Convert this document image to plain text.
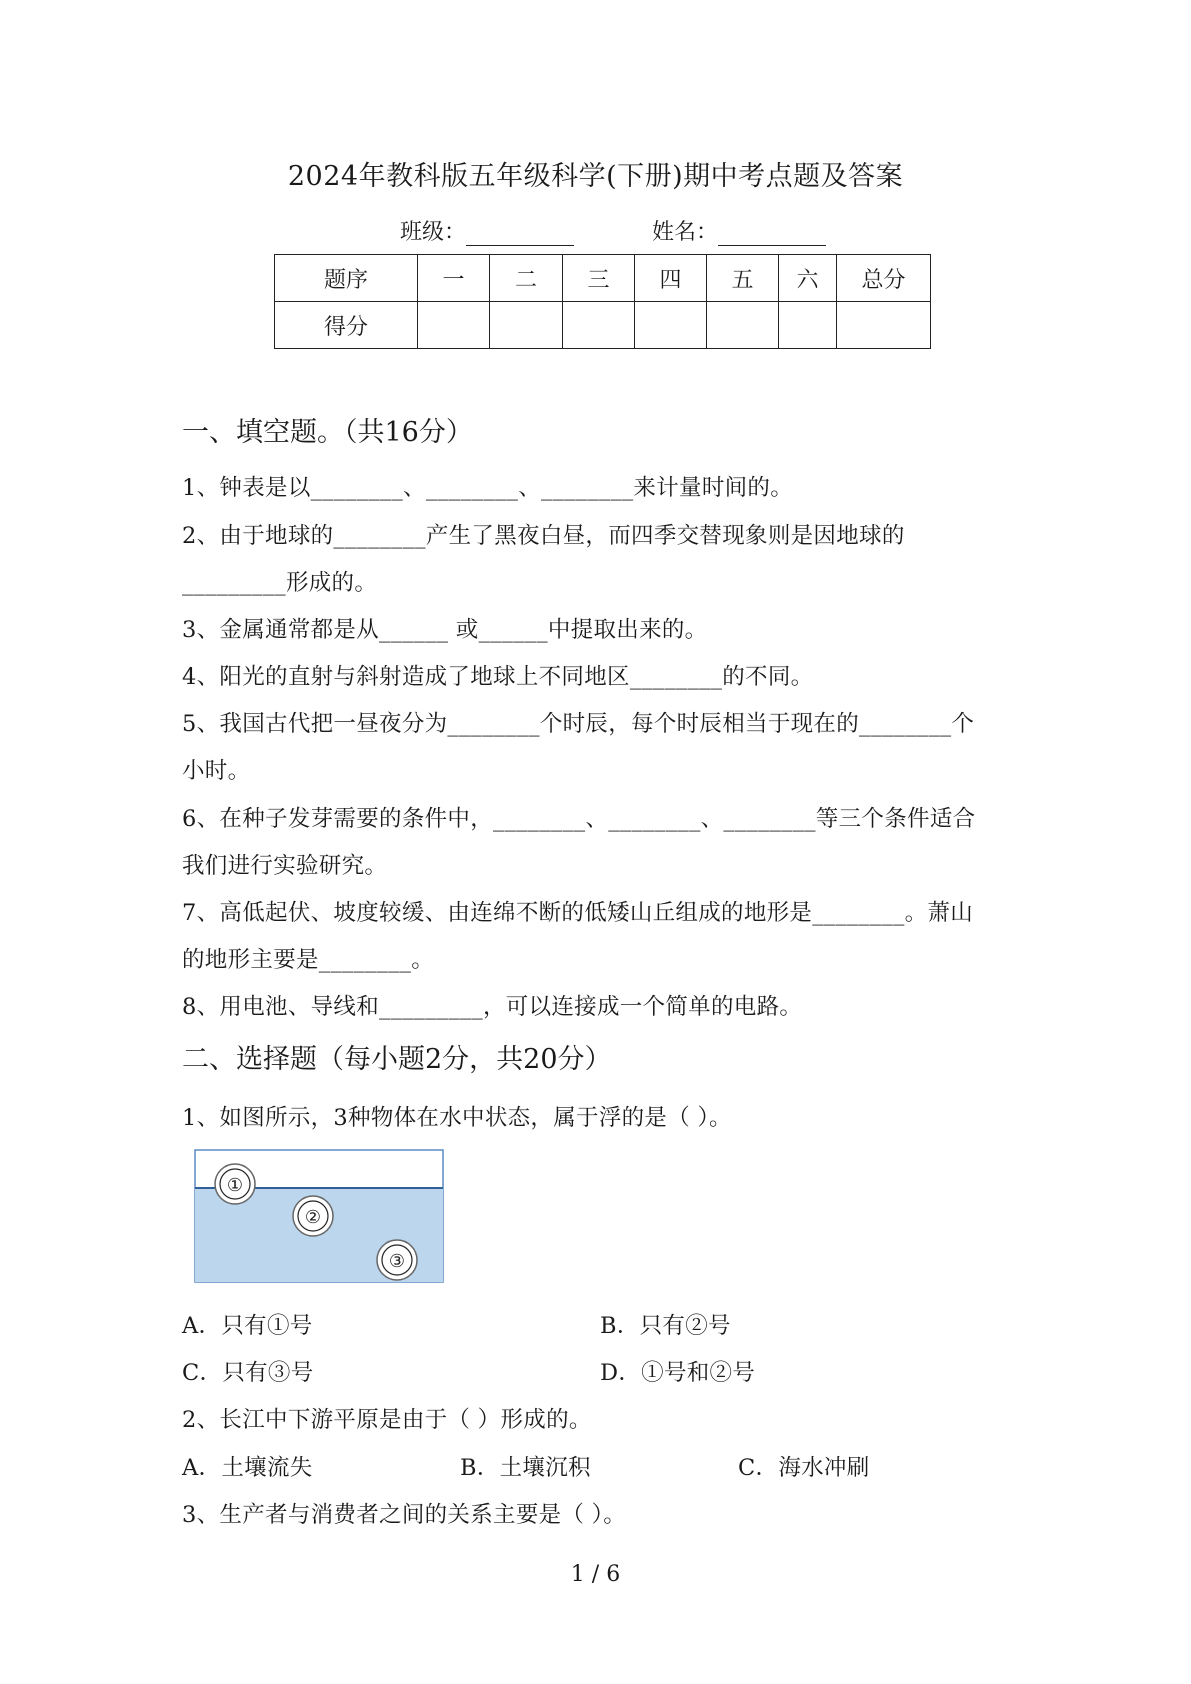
2024年教科版五年级科学(下册)期中考点题及答案
班级：	姓名：
题序	一	二	三	四	五	六	总分
得分							
一、填空题。（共16分）
1、钟表是以________、________、________来计量时间的。
2、由于地球的________产生了黑夜白昼，而四季交替现象则是因地球的
_________形成的。
3、金属通常都是从______ 或______中提取出来的。
4、阳光的直射与斜射造成了地球上不同地区________的不同。
5、我国古代把一昼夜分为________个时辰，每个时辰相当于现在的________个
小时。
6、在种子发芽需要的条件中，________、________、________等三个条件适合
我们进行实验研究。
7、高低起伏、坡度较缓、由连绵不断的低矮山丘组成的地形是________。萧山
的地形主要是________。
8、用电池、导线和_________，可以连接成一个简单的电路。
二、选择题（每小题2分，共20分）
1、如图所示，3种物体在水中状态，属于浮的是（ ）。
①
②
③
A．只有①号	B．只有②号
C．只有③号	D．①号和②号
2、长江中下游平原是由于（ ）形成的。
A．土壤流失	B．土壤沉积	C．海水冲刷
3、生产者与消费者之间的关系主要是（ ）。
1 / 6
